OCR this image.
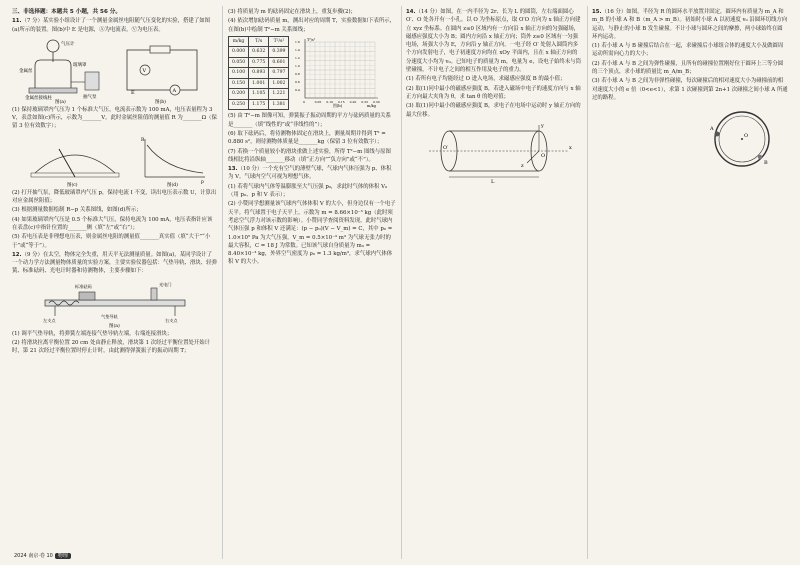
三、非选择题：本题共 5 小题，共 56 分。

11.（7 分）某实验小组设计了一个测量金属丝电阻随气压变化的实验，搭建了如图(a)所示的装置。图(b)中 E 是电源，Ⓐ为电流表，Ⓥ为电压表。

气压计
金属丝
玻璃罩
抽气泵
金属丝接线柱
V
A
E
图(a)	图(b)

(1) 保持玻璃罩内气压为 1 个标准大气压，电流表示数为 100 mA，电压表量程为 3 V，表盘如图(c)所示，示数为_______V，此时金属丝阻值的测量值 R 为_______Ω（保留 3 位有效数字）；

R
p
图(c)	图(d)

(2) 打开抽气泵，降低玻璃罩内气压 p，保持电流 I 不变，读出电压表示数 U，计算出对应金属丝阻值；

(3) 根据测量数据绘制 R−p 关系图线，如图(d)所示；

(4) 如果玻璃罩内气压是 0.5 个标准大气压，保持电流为 100 mA，电压表指针应该在表盘(c)中指针位置的_______侧（填“左”或“右”）；

(5) 若电压表是非理想电压表，则金属丝电阻的测量值_______真实值（填“大于”“小于”或“等于”）。

12.（9 分）在太空，物体完全失重，用天平无法测量质量。如图(a)，某同学设计了一个动力学方法测量物体质量的实验方案，主要实验仪器包括：气垫导轨、滑块、轻弹簧、标准砝码、光电计时器和待测物体，主要步骤如下：

左支点
标准砝码
气垫导轨
右支点
光电门
图(a)

(1) 调平气垫导轨，将弹簧左端连接气垫导轨左端，右端连接滑块；

(2) 将滑块拉离平衡位置 20 cm 处由静止释放，滑块第 1 次经过平衡位置处开始计时，第 21 次经过平衡位置时停止计时，由此测得弹簧振子的振动周期 T；

(3) 将质量为 m 的砝码固定在滑块上，重复步骤(2)；

(4) 依次增加砝码质量 m，测出对应的周期 T，实验数据如下表所示，在图(b)中绘制 T²−m 关系图线；

m/kg	T/s	T²/s²
0.000	0.632	0.399
0.050	0.775	0.601
0.100	0.893	0.797
0.150	1.001	1.002
0.200	1.105	1.221
0.250	1.175	1.381	0	0.05 0.10 0.15 0.20 0.25 0.30
0.4
0.6
0.8
1.0
1.2
1.4
1.6 T²/s²
m/kg
图(b)

(5) 由 T²−m 图像可知，弹簧振子振动周期的平方与砝码质量的关系是_______（填“线性的”或“非线性的”）；

(6) 取下砝码后，将待测物体固定在滑块上，测量周期并得到 T² = 0.880 s²，则待测物体质量是_______kg（保留 3 位有效数字）；

(7) 若换一个质量较小的滑块重做上述实验，所得 T²−m 图线与原图线相比将沿纵轴_______移动（填“正方向”“负方向”或“不”）。

13.（10 分）一个充有空气的薄壁气球，气球内气体压强为 p、体积为 V。气球内空气可视为理想气体。

(1) 若将气球内气体等温膨胀至大气压强 p₀，求此时气体的体积 V₀（用 p₀、p 和 V 表示）；

(2) 小赞同学想测量该气球内气体体积 V 的大小，但身边仅有一个电子天平。将气球置于电子天平上，示数为 m = 8.66×10⁻³ kg（此时须考虑空气浮力对该示数的影响）。小赞同学查阅资料发现，此时气球内气体压强 p 和体积 V 还满足：(p − p₀)(V − V_m) = C，其中 p₀ = 1.0×10⁵ Pa 为大气压强，V_m = 0.5×10⁻³ m³ 为气球无张力时的最大容积，C = 18 J 为常数。已知该气球自身质量为 m₀ = 8.40×10⁻³ kg，外界空气密度为 ρ₀ = 1.3 kg/m³，求气球内气体体积 V 的大小。

14.（14 分）如图，在一内半径为 2r、长为 L 的圆筒，左右端面圆心 O′、O 处各开有一小孔。以 O 为坐标原点，取 O′O 方向为 x 轴正方向建立 xyz 坐标系。在圆内 z≤0 区域内有一方向沿 x 轴正方向的匀强磁场，磁感应强度大小为 B；圆内方向沿 x 轴正方向；筒外 z≥0 区域有一匀强电场，场强大小为 E，方向沿 y 轴正方向。一电子经 O′ 处射入圆筒内多个方向发射电子，电子初速度方向均在 xOy 平面内，且在 x 轴正方向的分速度大小均为 v₀。已知电子的质量为 m，电量为 e，设电子始终未与筒壁碰撞，不计电子之间的相互作用及电子的重力。

(1) 若所有电子均能经过 O 进入电场，求磁感应强度 B 的最小值；

(2) 取(1)问中最小的磁感应强度 B，若进入磁场中电子的速度方向与 x 轴正方向最大夹角为 θ，求 tan θ 的绝对值；

(3) 取(1)问中最小的磁感应强度 B，求电子在电场中运动时 y 轴正方向的最大位移。

O′
O
x
y
z
L

15.（16 分）如图，半径为 R 的圆环水平放置并固定，圆环内有质量为 m_A 和 m_B 的小球 A 和 B（m_A > m_B）。初始时小球 A 以初速度 v₀ 沿圆环切线方向运动，与静止的小球 B 发生碰撞。不计小球与圆环之间的摩擦，两小球始终在圆环内运动。

(1) 若小球 A 与 B 碰撞后结合在一起，求碰撞后小球组合体的速度大小及做圆周运动所需向心力的大小；

(2) 若小球 A 与 B 之间为弹性碰撞，且所有的碰撞位置刚好位于圆环上三等分圆的三个顶点，求小球的质量比 m_A/m_B；

(3) 若小球 A 与 B 之间为非弹性碰撞，每次碰撞后的相对速度大小为碰撞前的相对速度大小的 e 倍（0<e<1），求第 1 次碰撞到第 2n+1 次碰撞之间小球 A 所通过的路程。

A
B
O
2024 南京·卷 10 物理
